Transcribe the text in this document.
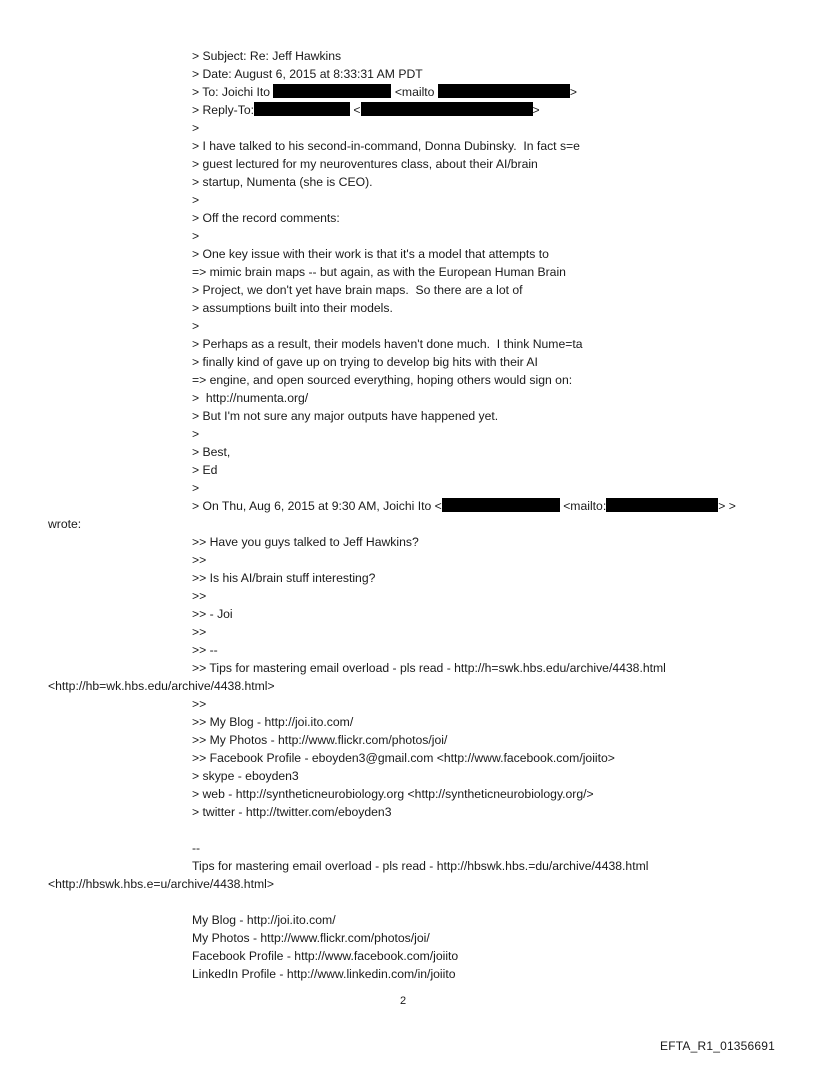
> Subject: Re: Jeff Hawkins
> Date: August 6, 2015 at 8:33:31 AM PDT
> To: Joichi Ito	<mailto	>
> Reply-To:	<	>
>
> I have talked to his second-in-command, Donna Dubinsky.  In fact s=e
> guest lectured for my neuroventures class, about their AI/brain
> startup, Numenta (she is CEO).
>
> Off the record comments:
>
> One key issue with their work is that it's a model that attempts to
=> mimic brain maps -- but again, as with the European Human Brain
> Project, we don't yet have brain maps.  So there are a lot of
> assumptions built into their models.
>
> Perhaps as a result, their models haven't done much.  I think Nume=ta
> finally kind of gave up on trying to develop big hits with their AI
=> engine, and open sourced everything, hoping others would sign on:
>  http://numenta.org/
> But I'm not sure any major outputs have happened yet.
>
> Best,
> Ed
>
> On Thu, Aug 6, 2015 at 9:30 AM, Joichi Ito <	<mailto:	> >
wrote:
>> Have you guys talked to Jeff Hawkins?
>>
>> Is his AI/brain stuff interesting?
>>
>> - Joi
>>
>> --
>> Tips for mastering email overload - pls read - http://h=swk.hbs.edu/archive/4438.html
<http://hb=wk.hbs.edu/archive/4438.html>
>>
>> My Blog - http://joi.ito.com/
>> My Photos - http://www.flickr.com/photos/joi/
>> Facebook Profile - eboyden3@gmail.com <http://www.facebook.com/joiito>
> skype - eboyden3
> web - http://syntheticneurobiology.org <http://syntheticneurobiology.org/>
> twitter - http://twitter.com/eboyden3
--
Tips for mastering email overload - pls read - http://hbswk.hbs.=du/archive/4438.html
<http://hbswk.hbs.e=u/archive/4438.html>
My Blog - http://joi.ito.com/
My Photos - http://www.flickr.com/photos/joi/
Facebook Profile - http://www.facebook.com/joiito
LinkedIn Profile - http://www.linkedin.com/in/joiito
2
EFTA_R1_01356691
